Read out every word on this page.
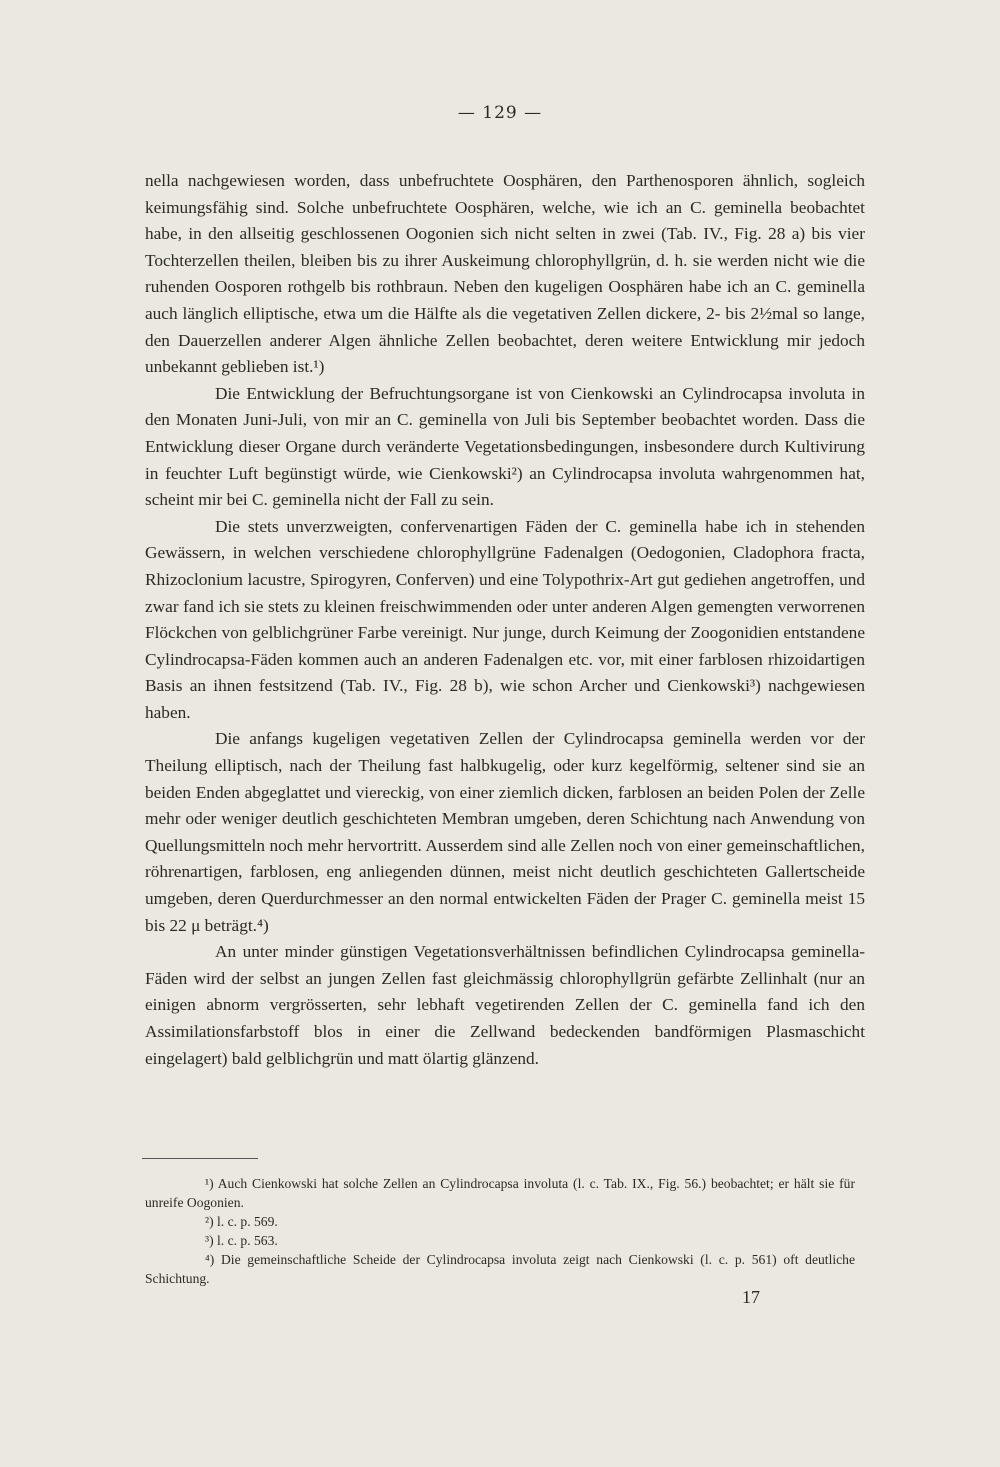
— 129 —

nella nachgewiesen worden, dass unbefruchtete Oosphären, den Parthenosporen ähnlich, sogleich keimungsfähig sind. Solche unbefruchtete Oosphären, welche, wie ich an C. geminella beobachtet habe, in den allseitig geschlossenen Oogonien sich nicht selten in zwei (Tab. IV., Fig. 28 a) bis vier Tochterzellen theilen, bleiben bis zu ihrer Auskeimung chlorophyllgrün, d. h. sie werden nicht wie die ruhenden Oosporen rothgelb bis rothbraun. Neben den kugeligen Oosphären habe ich an C. geminella auch länglich elliptische, etwa um die Hälfte als die vegetativen Zellen dickere, 2- bis 2½mal so lange, den Dauerzellen anderer Algen ähnliche Zellen beobachtet, deren weitere Entwicklung mir jedoch unbekannt geblieben ist.¹)

Die Entwicklung der Befruchtungsorgane ist von Cienkowski an Cylindrocapsa involuta in den Monaten Juni-Juli, von mir an C. geminella von Juli bis September beobachtet worden. Dass die Entwicklung dieser Organe durch veränderte Vegetationsbedingungen, insbesondere durch Kultivirung in feuchter Luft begünstigt würde, wie Cienkowski²) an Cylindrocapsa involuta wahrgenommen hat, scheint mir bei C. geminella nicht der Fall zu sein.

Die stets unverzweigten, confervenartigen Fäden der C. geminella habe ich in stehenden Gewässern, in welchen verschiedene chlorophyllgrüne Fadenalgen (Oedogonien, Cladophora fracta, Rhizoclonium lacustre, Spirogyren, Conferven) und eine Tolypothrix-Art gut gediehen angetroffen, und zwar fand ich sie stets zu kleinen freischwimmenden oder unter anderen Algen gemengten verworrenen Flöckchen von gelblichgrüner Farbe vereinigt. Nur junge, durch Keimung der Zoogonidien entstandene Cylindrocapsa-Fäden kommen auch an anderen Fadenalgen etc. vor, mit einer farblosen rhizoidartigen Basis an ihnen festsitzend (Tab. IV., Fig. 28 b), wie schon Archer und Cienkowski³) nachgewiesen haben.

Die anfangs kugeligen vegetativen Zellen der Cylindrocapsa geminella werden vor der Theilung elliptisch, nach der Theilung fast halbkugelig, oder kurz kegelförmig, seltener sind sie an beiden Enden abgeglattet und viereckig, von einer ziemlich dicken, farblosen an beiden Polen der Zelle mehr oder weniger deutlich geschichteten Membran umgeben, deren Schichtung nach Anwendung von Quellungsmitteln noch mehr hervortritt. Ausserdem sind alle Zellen noch von einer gemeinschaftlichen, röhrenartigen, farblosen, eng anliegenden dünnen, meist nicht deutlich geschichteten Gallertscheide umgeben, deren Querdurchmesser an den normal entwickelten Fäden der Prager C. geminella meist 15 bis 22 μ beträgt.⁴)

An unter minder günstigen Vegetationsverhältnissen befindlichen Cylindrocapsa geminella-Fäden wird der selbst an jungen Zellen fast gleichmässig chlorophyllgrün gefärbte Zellinhalt (nur an einigen abnorm vergrösserten, sehr lebhaft vegetirenden Zellen der C. geminella fand ich den Assimilationsfarbstoff blos in einer die Zellwand bedeckenden bandförmigen Plasmaschicht eingelagert) bald gelblichgrün und matt ölartig glänzend.

¹) Auch Cienkowski hat solche Zellen an Cylindrocapsa involuta (l. c. Tab. IX., Fig. 56.) beobachtet; er hält sie für unreife Oogonien.

²) l. c. p. 569.

³) l. c. p. 563.

⁴) Die gemeinschaftliche Scheide der Cylindrocapsa involuta zeigt nach Cienkowski (l. c. p. 561) oft deutliche Schichtung.

17
